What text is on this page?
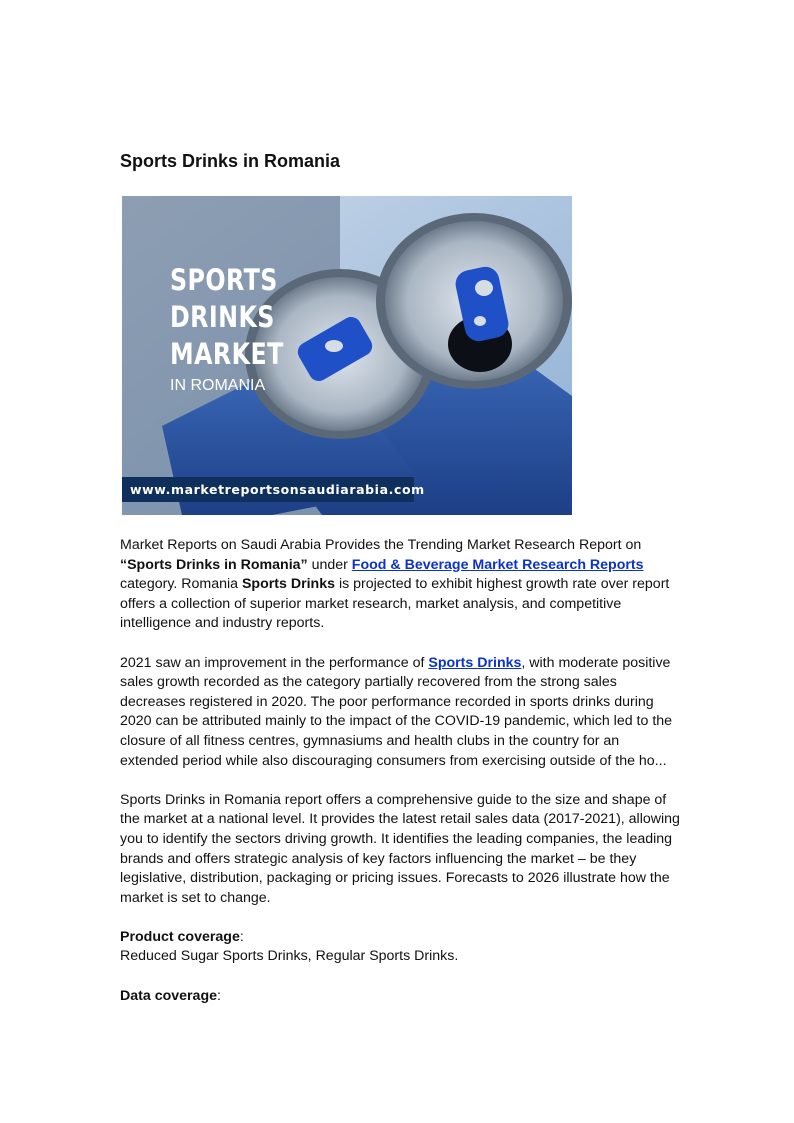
Sports Drinks in Romania
SPORTS
DRINKS
MARKET
IN ROMANIA
www.marketreportsonsaudiarabia.com

Market Reports on Saudi Arabia Provides the Trending Market Research Report on “Sports Drinks in Romania” under Food & Beverage Market Research Reports category. Romania Sports Drinks is projected to exhibit highest growth rate over report offers a collection of superior market research, market analysis, and competitive intelligence and industry reports.

2021 saw an improvement in the performance of Sports Drinks, with moderate positive sales growth recorded as the category partially recovered from the strong sales decreases registered in 2020. The poor performance recorded in sports drinks during 2020 can be attributed mainly to the impact of the COVID-19 pandemic, which led to the closure of all fitness centres, gymnasiums and health clubs in the country for an extended period while also discouraging consumers from exercising outside of the ho...

Sports Drinks in Romania report offers a comprehensive guide to the size and shape of the market at a national level. It provides the latest retail sales data (2017-2021), allowing you to identify the sectors driving growth. It identifies the leading companies, the leading brands and offers strategic analysis of key factors influencing the market – be they legislative, distribution, packaging or pricing issues. Forecasts to 2026 illustrate how the market is set to change.

Product coverage:
Reduced Sugar Sports Drinks, Regular Sports Drinks.

Data coverage:
